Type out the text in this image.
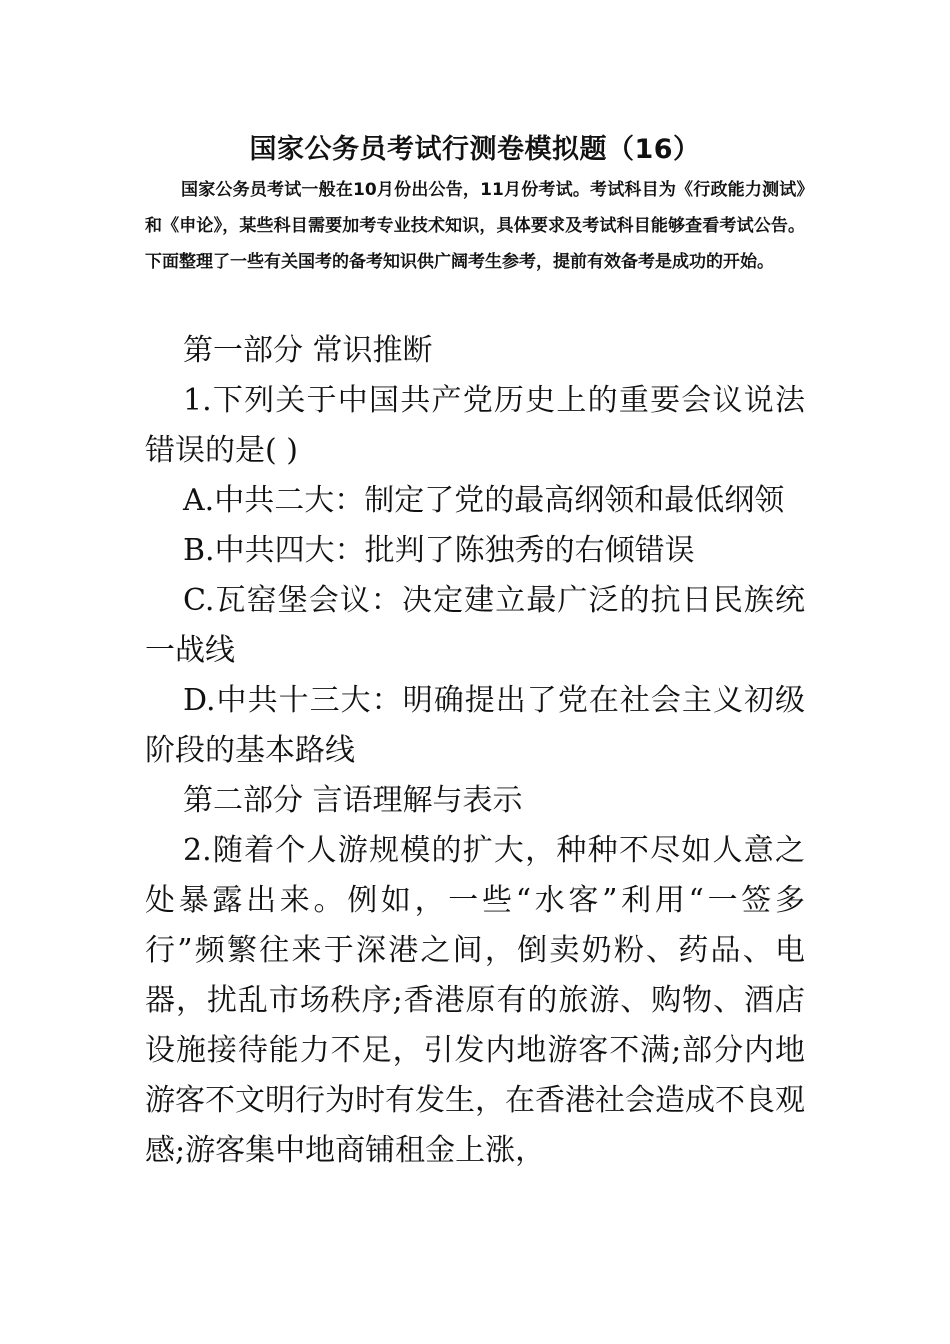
国家公务员考试行测卷模拟题（16）

国家公务员考试一般在10月份出公告，11月份考试。考试科目为《行政能力测试》和《申论》，某些科目需要加考专业技术知识，具体要求及考试科目能够查看考试公告。下面整理了一些有关国考的备考知识供广阔考生参考，提前有效备考是成功的开始。

第一部分 常识推断

1.下列关于中国共产党历史上的重要会议说法错误的是( )

A.中共二大：制定了党的最高纲领和最低纲领

B.中共四大：批判了陈独秀的右倾错误

C.瓦窑堡会议：决定建立最广泛的抗日民族统一战线

D.中共十三大：明确提出了党在社会主义初级阶段的基本路线

第二部分 言语理解与表示

2.随着个人游规模的扩大，种种不尽如人意之处暴露出来。例如，一些“水客”利用“一签多行”频繁往来于深港之间，倒卖奶粉、药品、电器，扰乱市场秩序;香港原有的旅游、购物、酒店设施接待能力不足，引发内地游客不满;部分内地游客不文明行为时有发生，在香港社会造成不良观感;游客集中地商铺租金上涨，
